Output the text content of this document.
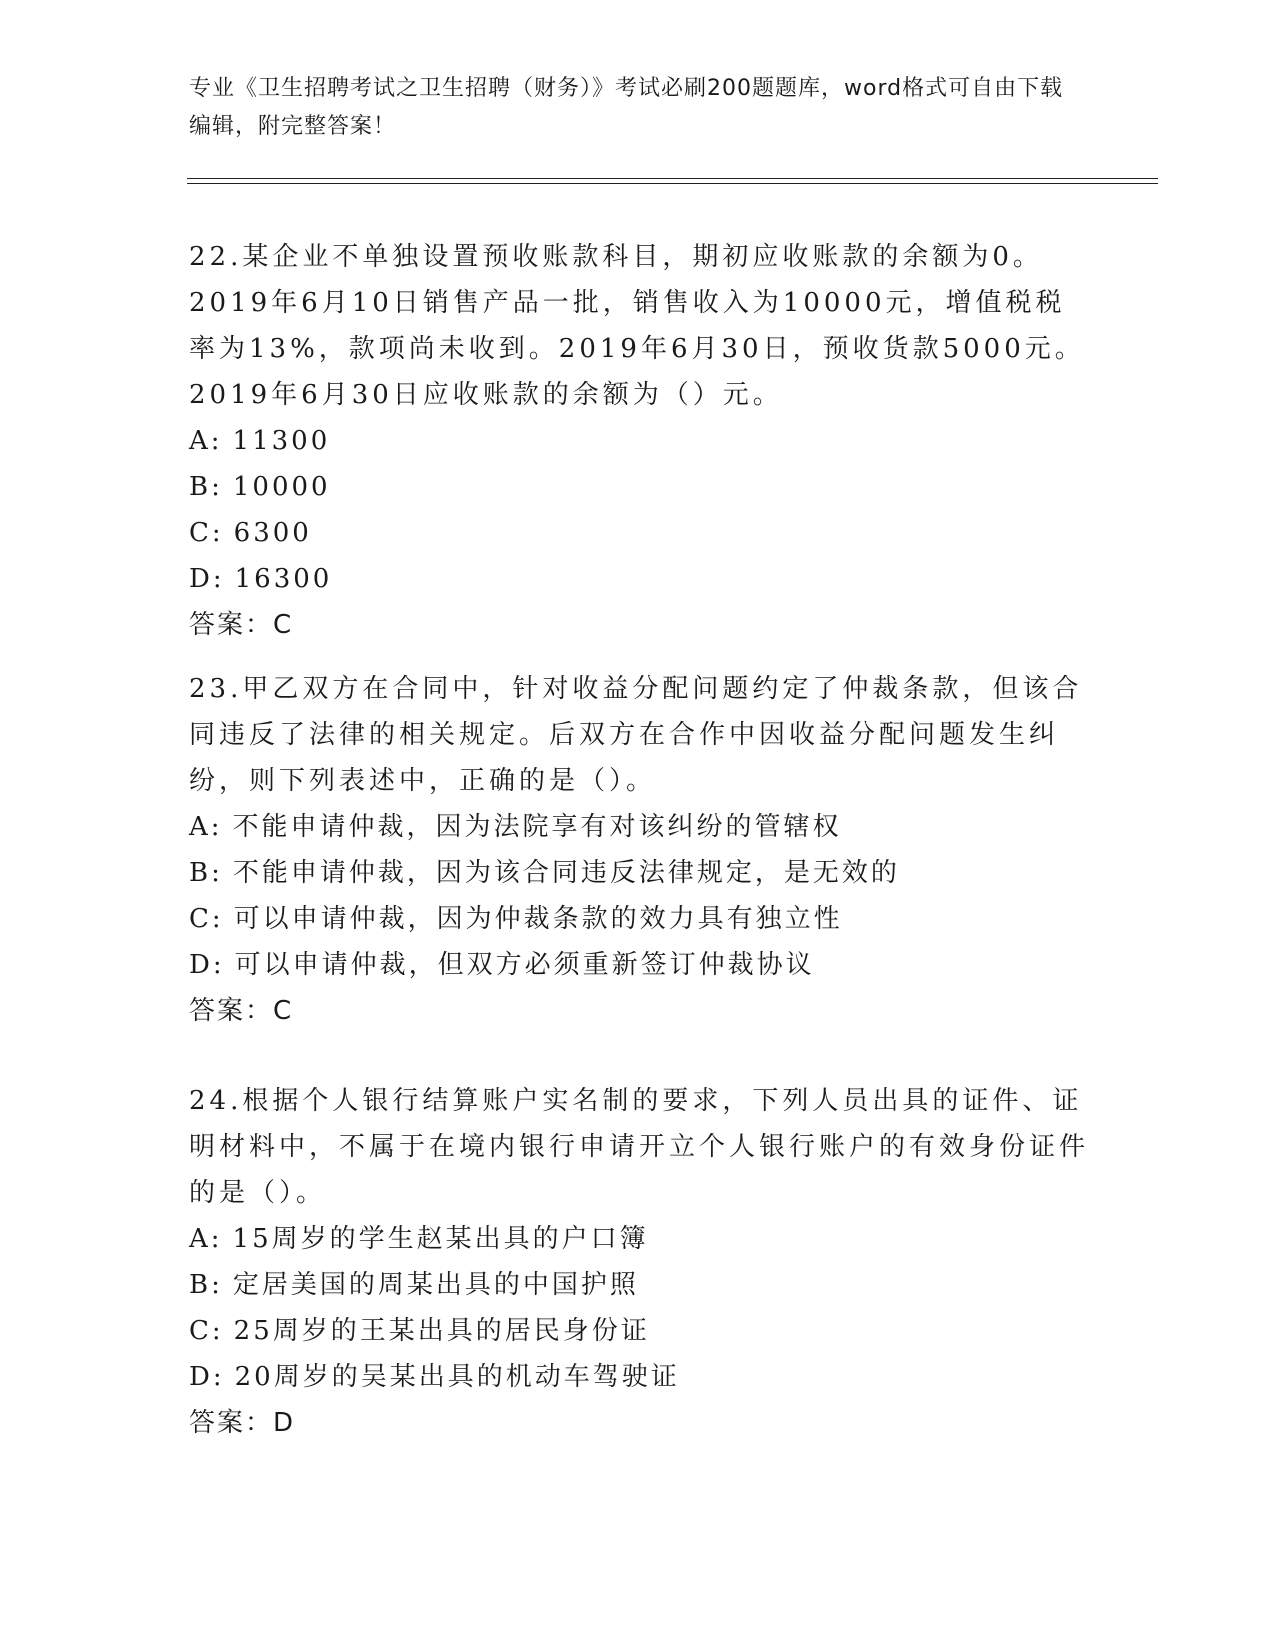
专业《卫生招聘考试之卫生招聘（财务）》考试必刷200题题库，word格式可自由下载编辑，附完整答案！

22.某企业不单独设置预收账款科目，期初应收账款的余额为0。2019年6月10日销售产品一批，销售收入为10000元，增值税税率为13%，款项尚未收到。2019年6月30日，预收货款5000元。2019年6月30日应收账款的余额为（）元。

A: 11300
B: 10000
C: 6300
D: 16300
答案：C

23.甲乙双方在合同中，针对收益分配问题约定了仲裁条款，但该合同违反了法律的相关规定。后双方在合作中因收益分配问题发生纠纷，则下列表述中，正确的是（）。

A: 不能申请仲裁，因为法院享有对该纠纷的管辖权
B: 不能申请仲裁，因为该合同违反法律规定，是无效的
C: 可以申请仲裁，因为仲裁条款的效力具有独立性
D: 可以申请仲裁，但双方必须重新签订仲裁协议
答案：C

24.根据个人银行结算账户实名制的要求，下列人员出具的证件、证明材料中，不属于在境内银行申请开立个人银行账户的有效身份证件的是（）。

A: 15周岁的学生赵某出具的户口簿
B: 定居美国的周某出具的中国护照
C: 25周岁的王某出具的居民身份证
D: 20周岁的吴某出具的机动车驾驶证
答案：D
